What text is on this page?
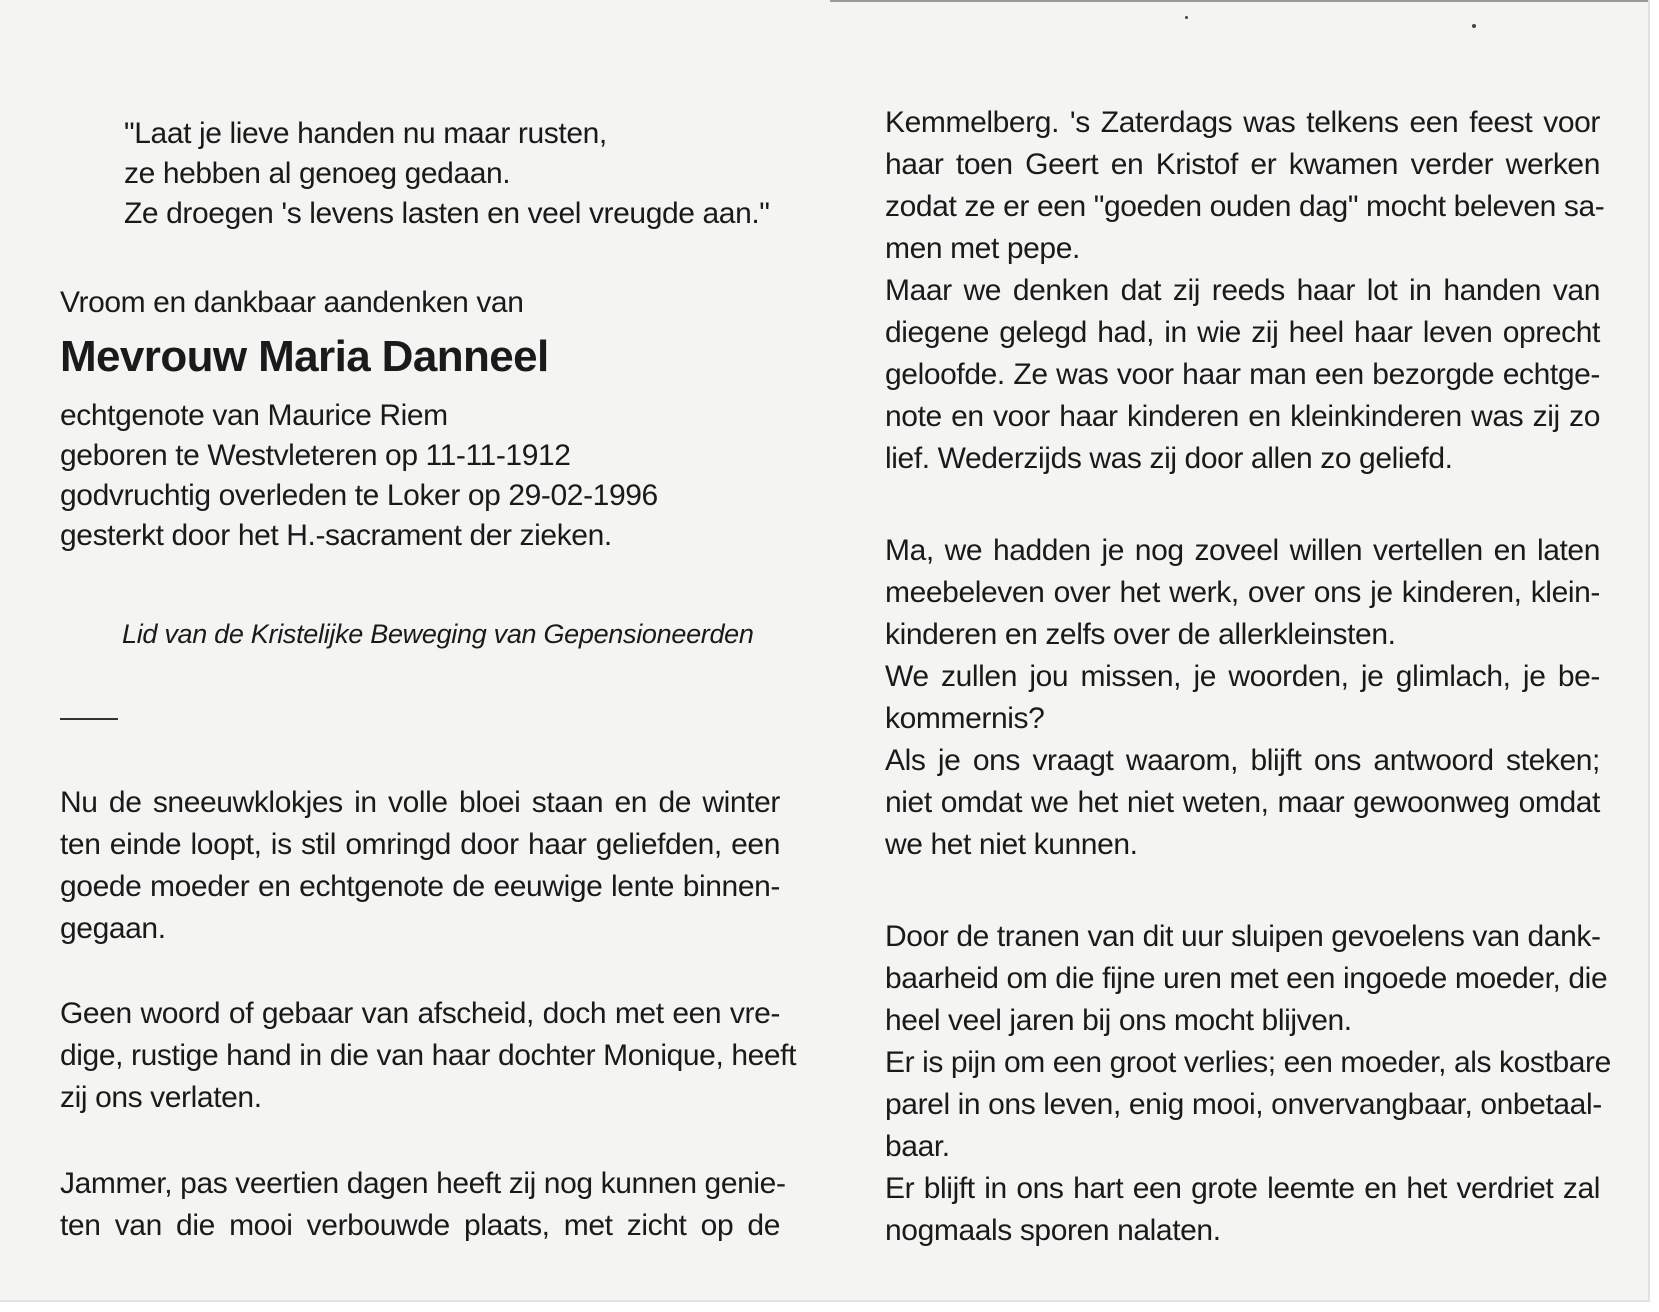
"Laat je lieve handen nu maar rusten,
ze hebben al genoeg gedaan.
Ze droegen 's levens lasten en veel vreugde aan."
Vroom en dankbaar aandenken van
Mevrouw Maria Danneel
echtgenote van Maurice Riem
geboren te Westvleteren op 11-11-1912
godvruchtig overleden te Loker op 29-02-1996
gesterkt door het H.-sacrament der zieken.
Lid van de Kristelijke Beweging van Gepensioneerden
Nu de sneeuwklokjes in volle bloei staan en de winter
ten einde loopt, is stil omringd door haar geliefden, een
goede moeder en echtgenote de eeuwige lente binnen-
gegaan.
Geen woord of gebaar van afscheid, doch met een vre-
dige, rustige hand in die van haar dochter Monique, heeft
zij ons verlaten.
Jammer, pas veertien dagen heeft zij nog kunnen genie-
ten van die mooi verbouwde plaats, met zicht op de
Kemmelberg. 's Zaterdags was telkens een feest voor
haar toen Geert en Kristof er kwamen verder werken
zodat ze er een "goeden ouden dag" mocht beleven sa-
men met pepe.
Maar we denken dat zij reeds haar lot in handen van
diegene gelegd had, in wie zij heel haar leven oprecht
geloofde. Ze was voor haar man een bezorgde echtge-
note en voor haar kinderen en kleinkinderen was zij zo
lief. Wederzijds was zij door allen zo geliefd.
Ma, we hadden je nog zoveel willen vertellen en laten
meebeleven over het werk, over ons je kinderen, klein-
kinderen en zelfs over de allerkleinsten.
We zullen jou missen, je woorden, je glimlach, je be-
kommernis?
Als je ons vraagt waarom, blijft ons antwoord steken;
niet omdat we het niet weten, maar gewoonweg omdat
we het niet kunnen.
Door de tranen van dit uur sluipen gevoelens van dank-
baarheid om die fijne uren met een ingoede moeder, die
heel veel jaren bij ons mocht blijven.
Er is pijn om een groot verlies; een moeder, als kostbare
parel in ons leven, enig mooi, onvervangbaar, onbetaal-
baar.
Er blijft in ons hart een grote leemte en het verdriet zal
nogmaals sporen nalaten.
